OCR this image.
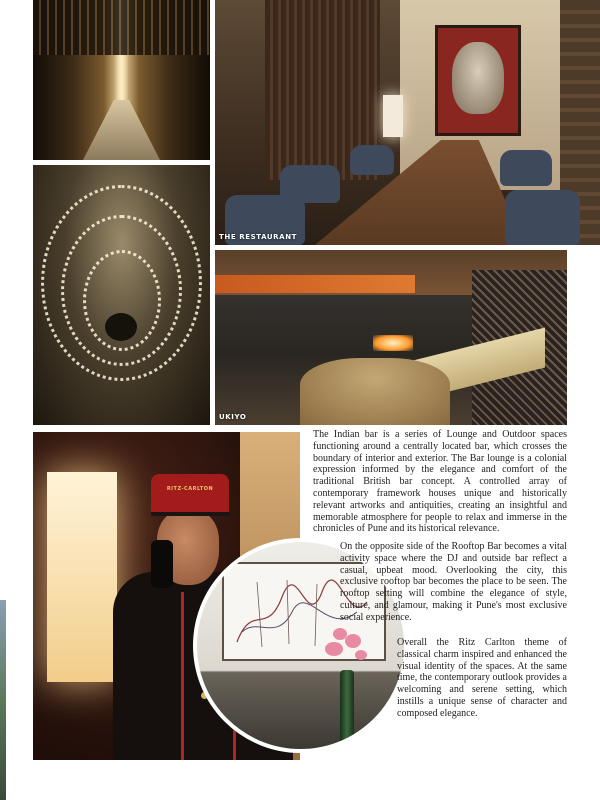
THE RESTAURANT
UKIYO
RITZ-CARLTON

The Indian bar is a series of Lounge and Outdoor spaces functioning around a centrally located bar, which crosses the boundary of interior and exterior. The Bar lounge is a colonial expression informed by the elegance and comfort of the traditional British bar concept. A controlled array of contemporary framework houses unique and historically relevant artworks and antiquities, creating an insightful and memorable atmosphere for people to relax and immerse in the chronicles of Pune and its historical relevance.

On the opposite side of the Rooftop Bar becomes a vital activity space where the DJ and outside bar reflect a casual, upbeat mood. Overlooking the city, this exclusive rooftop bar becomes the place to be seen. The rooftop setting will combine the elegance of style, culture, and glamour, making it Pune's most exclusive social experience.

Overall the Ritz Carlton theme of classical charm inspired and enhanced the visual identity of the spaces. At the same time, the contemporary outlook provides a welcoming and serene setting, which instills a unique sense of character and composed elegance.
